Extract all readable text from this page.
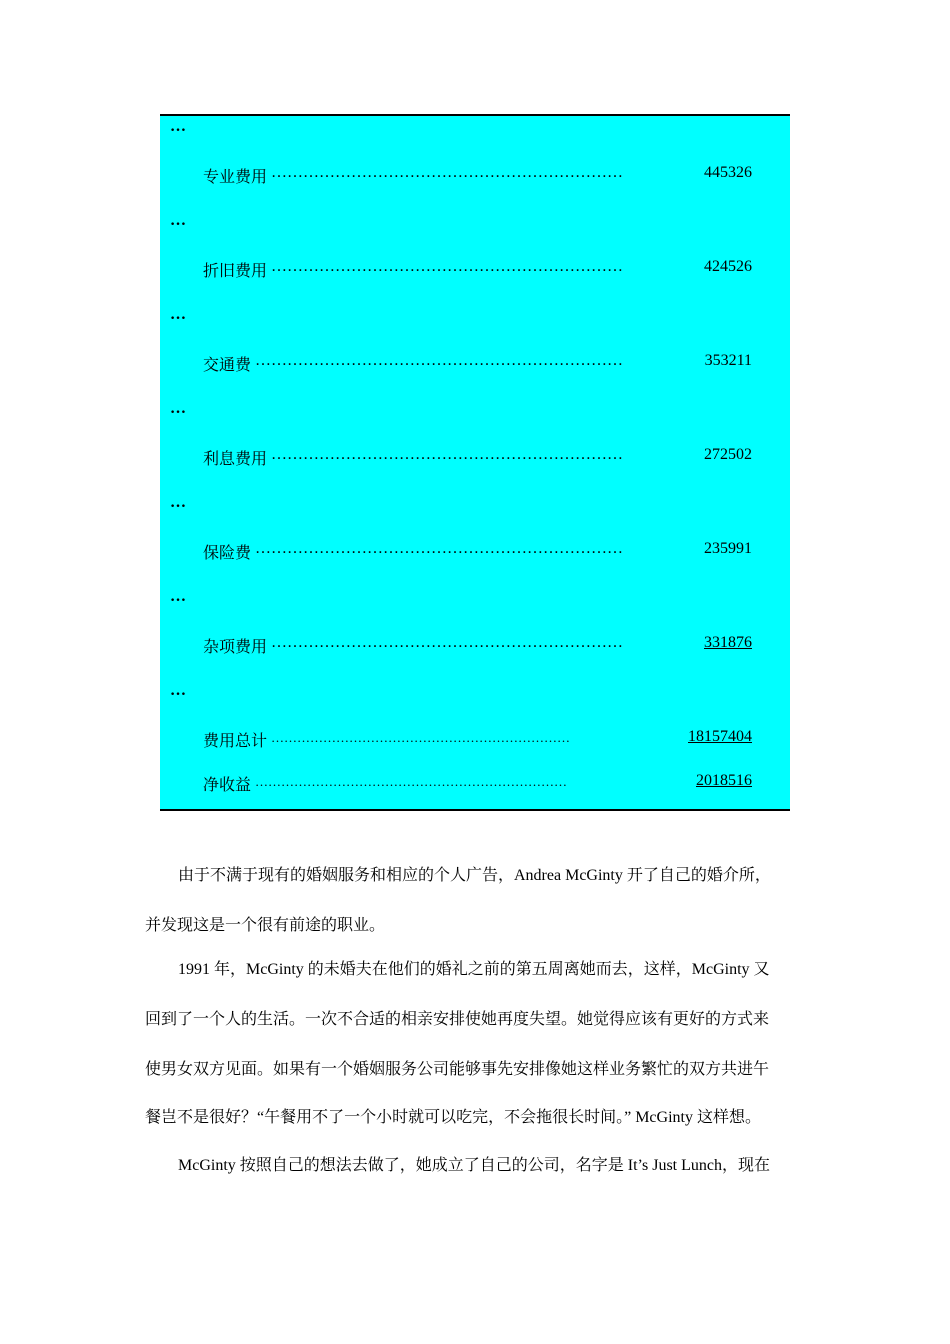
…
…
…
…
…
…
…
专业费用 …………………………………………………………	445326
折旧费用 …………………………………………………………	424526
交通费 ……………………………………………………………	353211
利息费用 …………………………………………………………	272502
保险费 ……………………………………………………………	235991
杂项费用 …………………………………………………………	331876
费用总计 ……………………………………………………………	18157404
净收益 ………………………………………………………………	2018516
由于不满于现有的婚姻服务和相应的个人广告，Andrea McGinty 开了自己的婚介所，
并发现这是一个很有前途的职业。
1991 年，McGinty 的未婚夫在他们的婚礼之前的第五周离她而去，这样，McGinty 又
回到了一个人的生活。一次不合适的相亲安排使她再度失望。她觉得应该有更好的方式来
使男女双方见面。如果有一个婚姻服务公司能够事先安排像她这样业务繁忙的双方共进午
餐岂不是很好？“午餐用不了一个小时就可以吃完，不会拖很长时间。” McGinty 这样想。
McGinty 按照自己的想法去做了，她成立了自己的公司，名字是 It’s Just Lunch，现在
